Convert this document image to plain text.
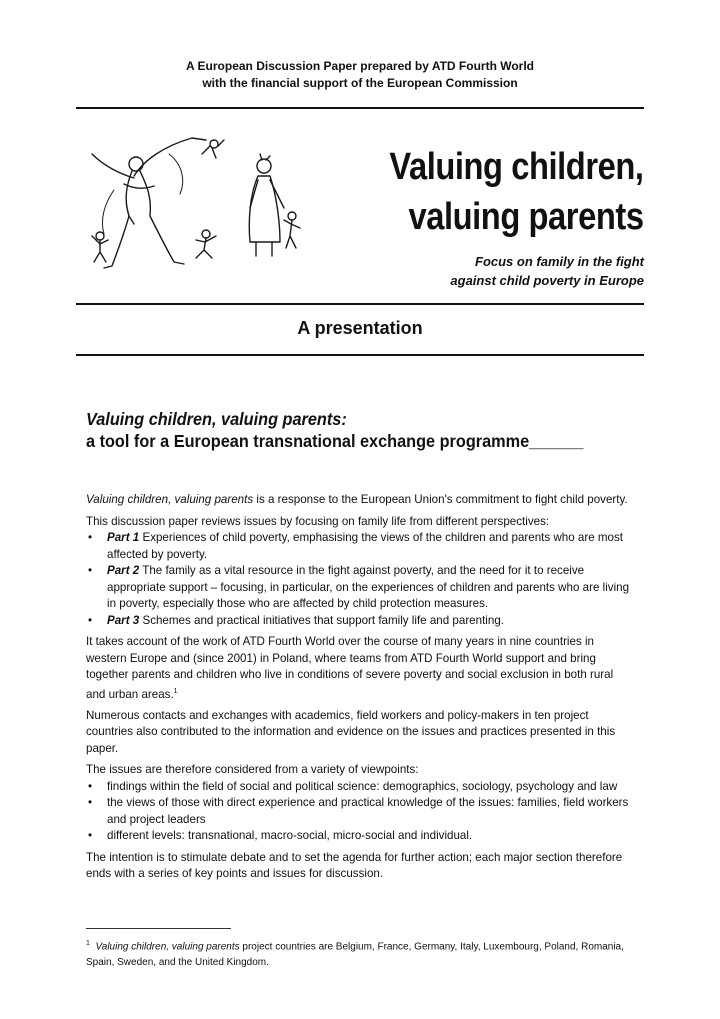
A European Discussion Paper prepared by ATD Fourth World
with the financial support of the European Commission
Valuing children,
valuing parents
Focus on family in the fight
against child poverty in Europe
A presentation
Valuing children, valuing parents:
a tool for a European transnational exchange programme______

Valuing children, valuing parents is a response to the European Union's commitment to fight child poverty.

This discussion paper reviews issues by focusing on family life from different perspectives:

• Part 1 Experiences of child poverty, emphasising the views of the children and parents who are most affected by poverty.
• Part 2 The family as a vital resource in the fight against poverty, and the need for it to receive appropriate support – focusing, in particular, on the experiences of children and parents who are living in poverty, especially those who are affected by child protection measures.
• Part 3 Schemes and practical initiatives that support family life and parenting.

It takes account of the work of ATD Fourth World over the course of many years in nine countries in western Europe and (since 2001) in Poland, where teams from ATD Fourth World support and bring together parents and children who live in conditions of severe poverty and social exclusion in both rural and urban areas.$^1$

Numerous contacts and exchanges with academics, field workers and policy-makers in ten project countries also contributed to the information and evidence on the issues and practices presented in this paper.

The issues are therefore considered from a variety of viewpoints:

• findings within the field of social and political science: demographics, sociology, psychology and law
• the views of those with direct experience and practical knowledge of the issues: families, field workers and project leaders
• different levels: transnational, macro-social, micro-social and individual.

The intention is to stimulate debate and to set the agenda for further action; each major section therefore ends with a series of key points and issues for discussion.

$^1$ Valuing children, valuing parents project countries are Belgium, France, Germany, Italy, Luxembourg, Poland, Romania, Spain, Sweden, and the United Kingdom.
